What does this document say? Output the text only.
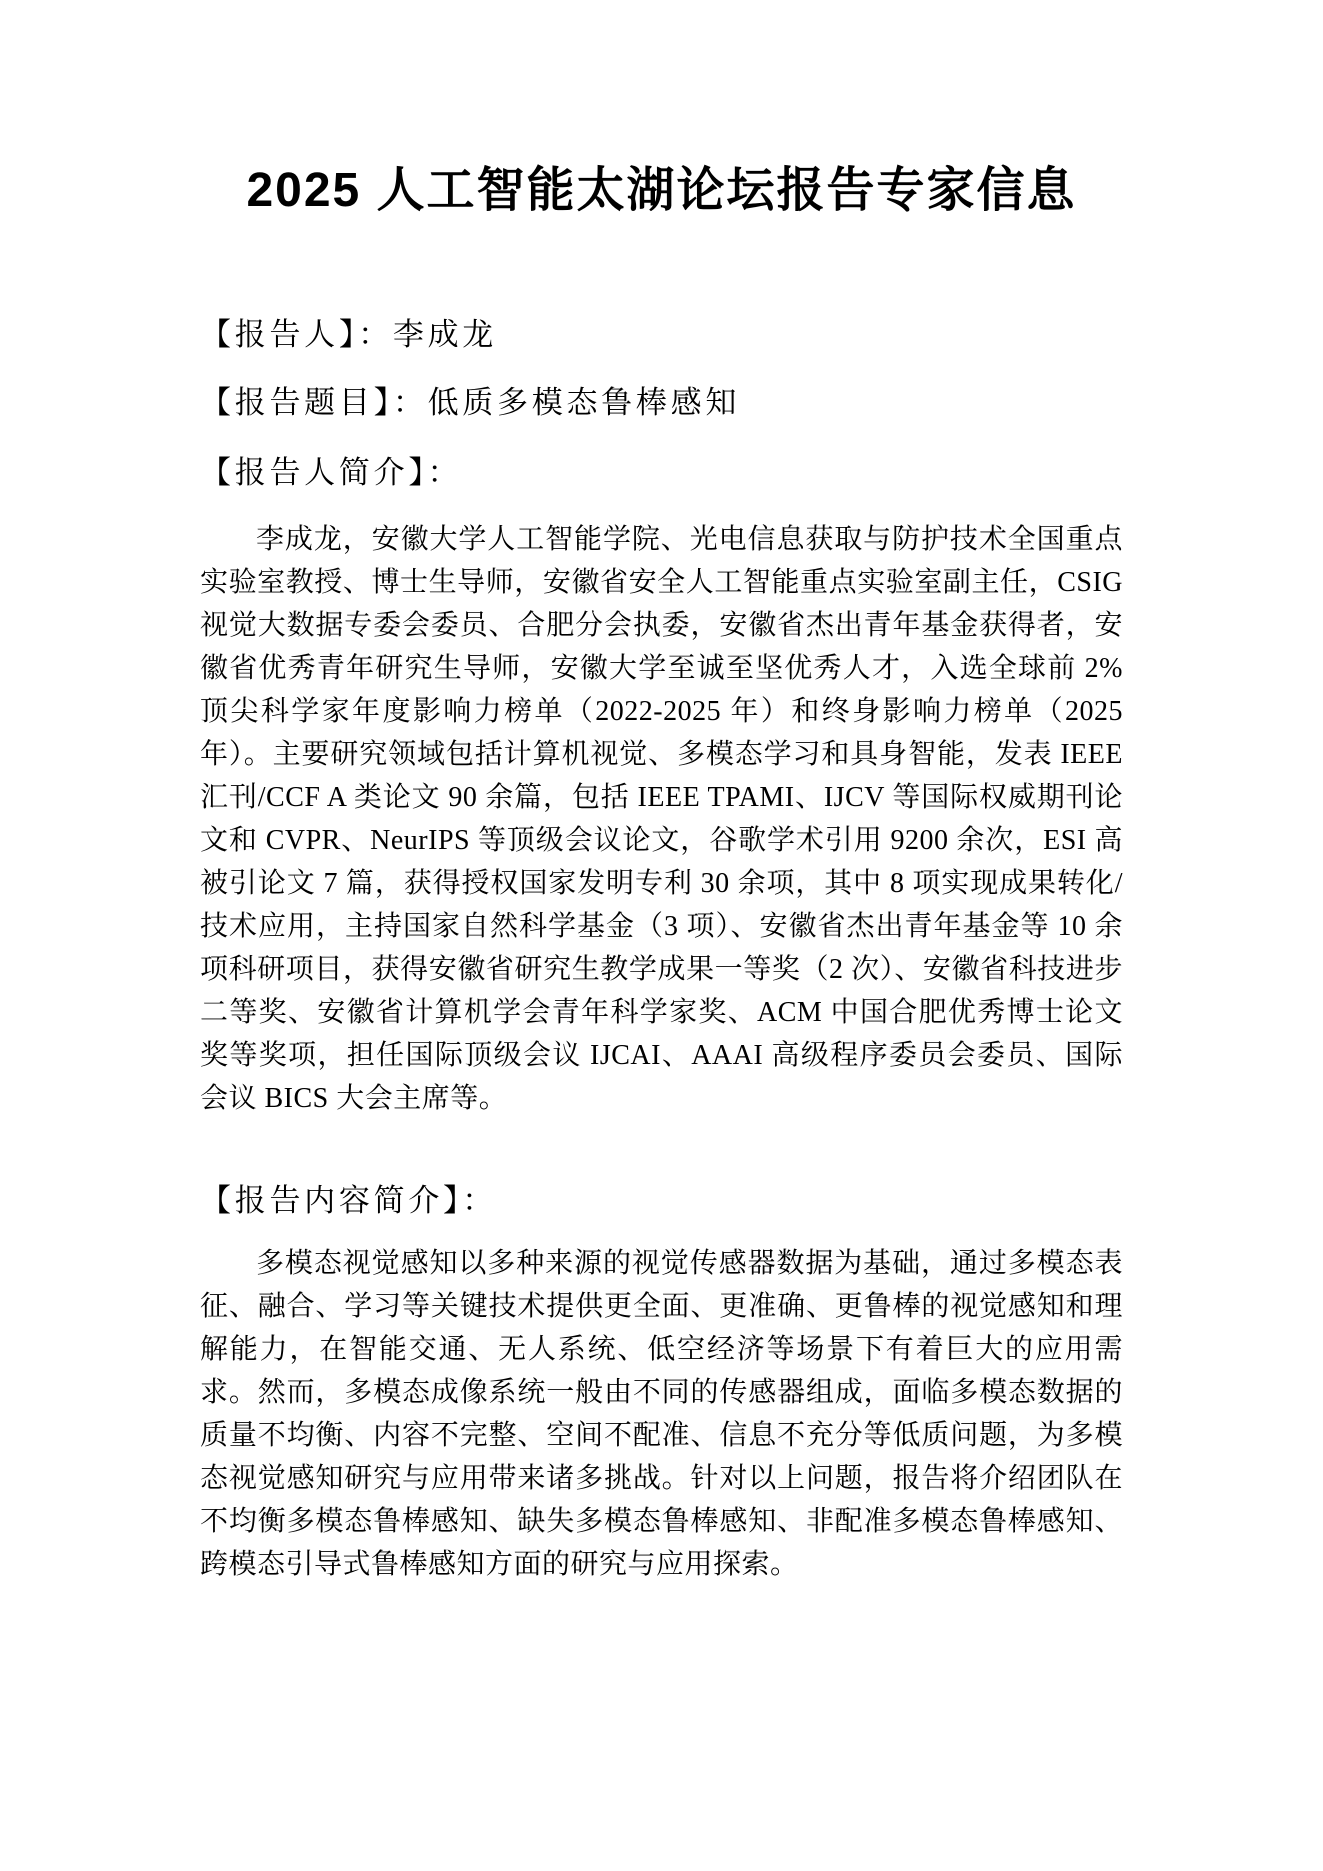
2025 人工智能太湖论坛报告专家信息
【报告人】：李成龙
【报告题目】：低质多模态鲁棒感知
【报告人简介】：

李成龙，安徽大学人工智能学院、光电信息获取与防护技术全国重点实验室教授、博士生导师，安徽省安全人工智能重点实验室副主任，CSIG 视觉大数据专委会委员、合肥分会执委，安徽省杰出青年基金获得者，安徽省优秀青年研究生导师，安徽大学至诚至坚优秀人才，入选全球前 2%顶尖科学家年度影响力榜单（2022-2025 年）和终身影响力榜单（2025 年）。主要研究领域包括计算机视觉、多模态学习和具身智能，发表 IEEE 汇刊/CCF A 类论文 90 余篇，包括 IEEE TPAMI、IJCV 等国际权威期刊论文和 CVPR、NeurIPS 等顶级会议论文，谷歌学术引用 9200 余次，ESI 高被引论文 7 篇，获得授权国家发明专利 30 余项，其中 8 项实现成果转化/技术应用，主持国家自然科学基金（3 项）、安徽省杰出青年基金等 10 余项科研项目，获得安徽省研究生教学成果一等奖（2 次）、安徽省科技进步二等奖、安徽省计算机学会青年科学家奖、ACM 中国合肥优秀博士论文奖等奖项，担任国际顶级会议 IJCAI、AAAI 高级程序委员会委员、国际会议 BICS 大会主席等。

【报告内容简介】：

多模态视觉感知以多种来源的视觉传感器数据为基础，通过多模态表征、融合、学习等关键技术提供更全面、更准确、更鲁棒的视觉感知和理解能力，在智能交通、无人系统、低空经济等场景下有着巨大的应用需求。然而，多模态成像系统一般由不同的传感器组成，面临多模态数据的质量不均衡、内容不完整、空间不配准、信息不充分等低质问题，为多模态视觉感知研究与应用带来诸多挑战。针对以上问题，报告将介绍团队在不均衡多模态鲁棒感知、缺失多模态鲁棒感知、非配准多模态鲁棒感知、跨模态引导式鲁棒感知方面的研究与应用探索。
